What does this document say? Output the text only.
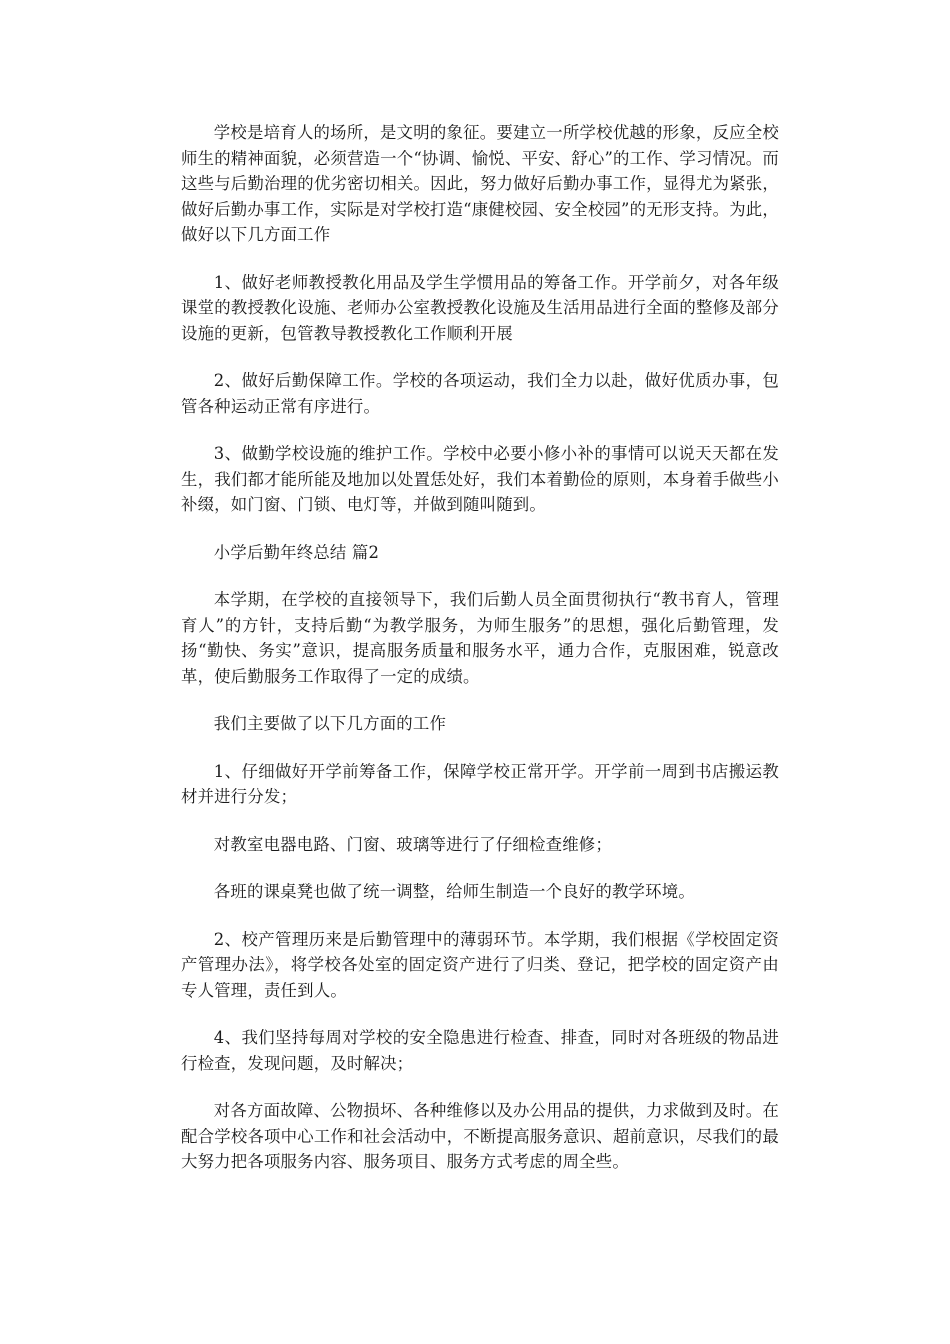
学校是培育人的场所，是文明的象征。要建立一所学校优越的形象，反应全校师生的精神面貌，必须营造一个“协调、愉悦、平安、舒心”的工作、学习情况。而这些与后勤治理的优劣密切相关。因此，努力做好后勤办事工作，显得尤为紧张，做好后勤办事工作，实际是对学校打造“康健校园、安全校园”的无形支持。为此，做好以下几方面工作

1、做好老师教授教化用品及学生学惯用品的筹备工作。开学前夕，对各年级课堂的教授教化设施、老师办公室教授教化设施及生活用品进行全面的整修及部分设施的更新，包管教导教授教化工作顺利开展

2、做好后勤保障工作。学校的各项运动，我们全力以赴，做好优质办事，包管各种运动正常有序进行。

3、做勤学校设施的维护工作。学校中必要小修小补的事情可以说天天都在发生，我们都才能所能及地加以处置恁处好，我们本着勤俭的原则，本身着手做些小补缀，如门窗、门锁、电灯等，并做到随叫随到。

小学后勤年终总结 篇2

本学期，在学校的直接领导下，我们后勤人员全面贯彻执行“教书育人，管理育人”的方针，支持后勤“为教学服务，为师生服务”的思想，强化后勤管理，发扬“勤快、务实”意识，提高服务质量和服务水平，通力合作，克服困难，锐意改革，使后勤服务工作取得了一定的成绩。

我们主要做了以下几方面的工作

1、仔细做好开学前筹备工作，保障学校正常开学。开学前一周到书店搬运教材并进行分发；

对教室电器电路、门窗、玻璃等进行了仔细检查维修；

各班的课桌凳也做了统一调整，给师生制造一个良好的教学环境。

2、校产管理历来是后勤管理中的薄弱环节。本学期，我们根据《学校固定资产管理办法》，将学校各处室的固定资产进行了归类、登记，把学校的固定资产由专人管理，责任到人。

4、我们坚持每周对学校的安全隐患进行检查、排查，同时对各班级的物品进行检查，发现问题，及时解决；

对各方面故障、公物损坏、各种维修以及办公用品的提供，力求做到及时。在配合学校各项中心工作和社会活动中，不断提高服务意识、超前意识，尽我们的最大努力把各项服务内容、服务项目、服务方式考虑的周全些。
